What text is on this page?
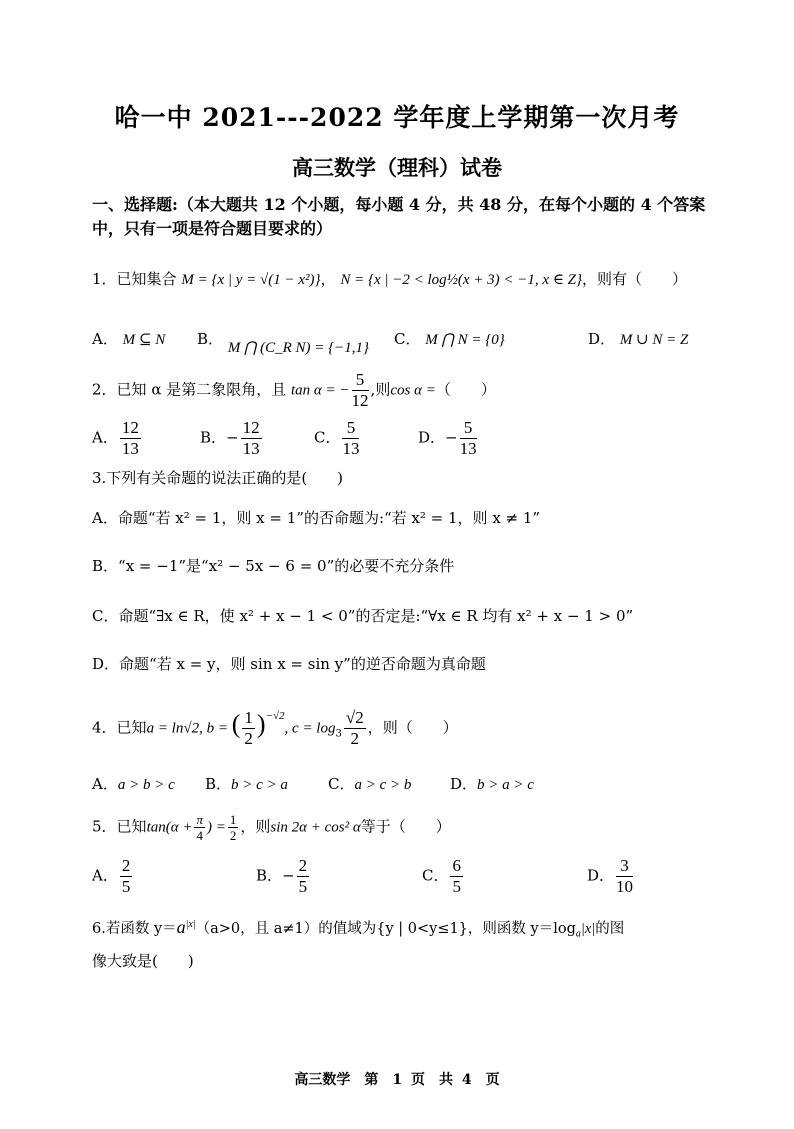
哈一中 2021---2022 学年度上学期第一次月考
高三数学（理科）试卷
一、选择题:（本大题共 12 个小题，每小题 4 分，共 48 分，在每个小题的 4 个答案
中，只有一项是符合题目要求的）
1．已知集合 M = {x | y = √(1 − x²)}， N = {x | −2 < log½(x + 3) < −1, x ∈ Z}，则有（　　）
A． M ⊆ N B． M ⋂ (C_R N) = {−1,1} C． M ⋂ N = {0}	D． M ∪ N = Z
2．已知 α 是第二象限角，且 tan α = − $\frac{5}{12}$ ,则cos α =（　　）
A． $\frac{12}{13}$	B．− $\frac{12}{13}$	C． $\frac{5}{13}$	D．− $\frac{5}{13}$
3.下列有关命题的说法正确的是(　　)
A．命题“若 x² = 1，则 x = 1”的否命题为:“若 x² = 1，则 x ≠ 1”
B．“x = −1”是“x² − 5x − 6 = 0”的必要不充分条件
C．命题“∃x ∈ R，使 x² + x − 1 < 0”的否定是:“∀x ∈ R 均有 x² + x − 1 > 0”
D．命题“若 x = y，则 sin x = sin y”的逆否命题为真命题
4．已知a = ln√2, b = ( $\frac{1}{2} )^{-√2}$, $c = \log_3 \frac{√2}{2}$ ，则（　　）
A．a > b > c B．b > c > a	C．a > c > b	D．b > a > c
5．已知$\tan(\alpha + \frac{\pi}{4}$ ) = $\frac{1}{2}$ ，则sin 2α + cos² α等于（　　）
A． $\frac{2}{5}$	B．− $\frac{2}{5}$	C． $\frac{6}{5}$	D． $\frac{3}{10}$
6.若函数 $y=a^{|x|}(a>0$，且 a≠1）的值域为{y | 0<y≤1}，则函数 $y=\log_a|x|$的图
像大致是(　　)
高三数学　第　1 页　共 4　页
